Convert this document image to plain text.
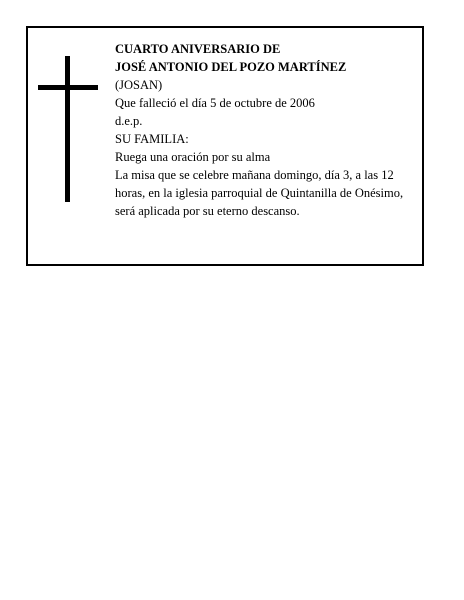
CUARTO ANIVERSARIO DE
JOSÉ ANTONIO DEL POZO MARTÍNEZ
(JOSAN)
Que falleció el día 5 de octubre de 2006
d.e.p.
SU FAMILIA:
Ruega una oración por su alma
La misa que se celebre mañana domingo, día 3, a las 12 horas, en la iglesia parroquial de Quintanilla de Onésimo, será aplicada por su eterno descanso.
